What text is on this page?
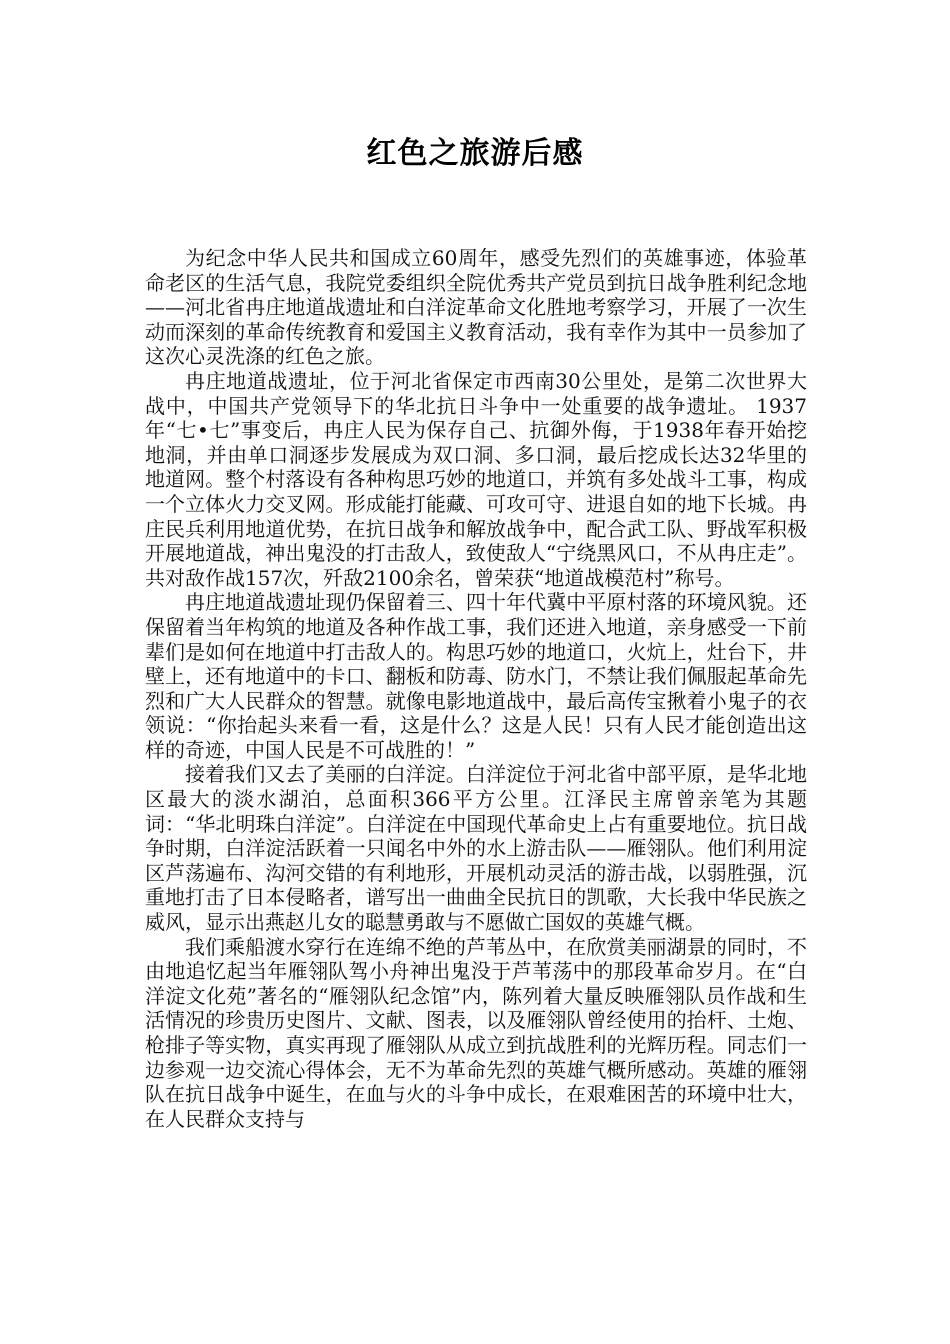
红色之旅游后感

为纪念中华人民共和国成立60周年，感受先烈们的英雄事迹，体验革命老区的生活气息，我院党委组织全院优秀共产党员到抗日战争胜利纪念地——河北省冉庄地道战遗址和白洋淀革命文化胜地考察学习，开展了一次生动而深刻的革命传统教育和爱国主义教育活动，我有幸作为其中一员参加了这次心灵洗涤的红色之旅。

冉庄地道战遗址，位于河北省保定市西南30公里处，是第二次世界大战中，中国共产党领导下的华北抗日斗争中一处重要的战争遗址。 1937年“七•七”事变后，冉庄人民为保存自己、抗御外侮，于1938年春开始挖地洞，并由单口洞逐步发展成为双口洞、多口洞，最后挖成长达32华里的地道网。整个村落设有各种构思巧妙的地道口，并筑有多处战斗工事，构成一个立体火力交叉网。形成能打能藏、可攻可守、进退自如的地下长城。冉庄民兵利用地道优势，在抗日战争和解放战争中，配合武工队、野战军积极开展地道战，神出鬼没的打击敌人，致使敌人“宁绕黑风口，不从冉庄走”。共对敌作战157次，歼敌2100余名，曾荣获“地道战模范村”称号。

冉庄地道战遗址现仍保留着三、四十年代冀中平原村落的环境风貌。还保留着当年构筑的地道及各种作战工事，我们还进入地道，亲身感受一下前辈们是如何在地道中打击敌人的。构思巧妙的地道口，火炕上，灶台下，井壁上，还有地道中的卡口、翻板和防毒、防水门，不禁让我们佩服起革命先烈和广大人民群众的智慧。就像电影地道战中，最后高传宝揪着小鬼子的衣领说：“你抬起头来看一看，这是什么？这是人民！只有人民才能创造出这样的奇迹，中国人民是不可战胜的！”

接着我们又去了美丽的白洋淀。白洋淀位于河北省中部平原，是华北地区最大的淡水湖泊，总面积366平方公里。江泽民主席曾亲笔为其题词：“华北明珠白洋淀”。白洋淀在中国现代革命史上占有重要地位。抗日战争时期，白洋淀活跃着一只闻名中外的水上游击队——雁翎队。他们利用淀区芦荡遍布、沟河交错的有利地形，开展机动灵活的游击战，以弱胜强，沉重地打击了日本侵略者，谱写出一曲曲全民抗日的凯歌，大长我中华民族之威风，显示出燕赵儿女的聪慧勇敢与不愿做亡国奴的英雄气概。

我们乘船渡水穿行在连绵不绝的芦苇丛中，在欣赏美丽湖景的同时，不由地追忆起当年雁翎队驾小舟神出鬼没于芦苇荡中的那段革命岁月。在“白洋淀文化苑”著名的“雁翎队纪念馆”内，陈列着大量反映雁翎队员作战和生活情况的珍贵历史图片、文献、图表，以及雁翎队曾经使用的抬杆、土炮、枪排子等实物，真实再现了雁翎队从成立到抗战胜利的光辉历程。同志们一边参观一边交流心得体会，无不为革命先烈的英雄气概所感动。英雄的雁翎队在抗日战争中诞生，在血与火的斗争中成长，在艰难困苦的环境中壮大，在人民群众支持与
